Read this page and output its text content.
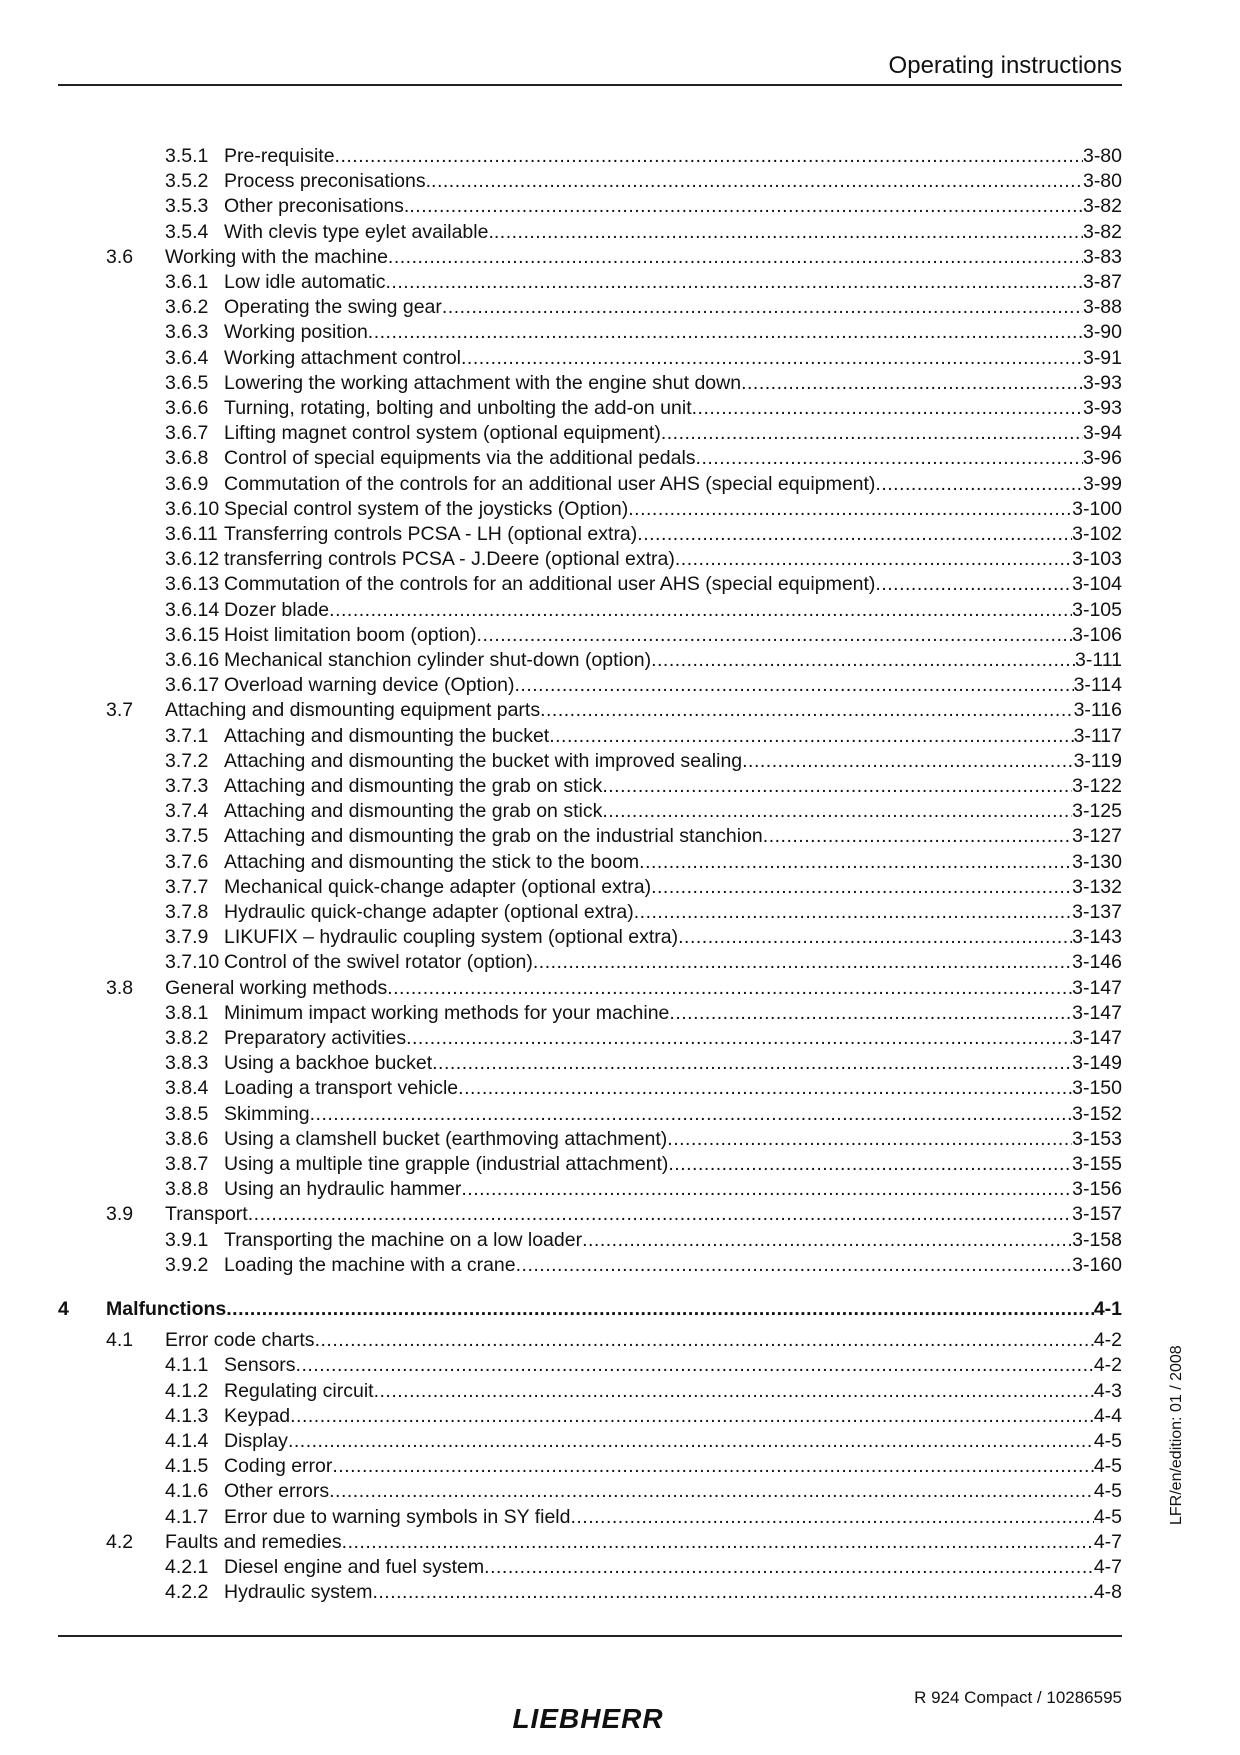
Operating instructions
3.5.1 Pre-requisite .....	3-80
3.5.2 Process preconisations. .....	3-80
3.5.3 Other preconisations. .....	3-82
3.5.4 With clevis type eylet available. .....	3-82
3.6 Working with the machine .....	3-83
3.6.1 Low idle automatic .....	3-87
3.6.2 Operating the swing gear .....	3-88
3.6.3 Working position .....	3-90
3.6.4 Working attachment control .....	3-91
3.6.5 Lowering the working attachment with the engine shut down .....	3-93
3.6.6 Turning, rotating, bolting and unbolting the add-on unit .....	3-93
3.6.7 Lifting magnet control system (optional equipment) .....	3-94
3.6.8 Control of special equipments via the additional pedals .....	3-96
3.6.9 Commutation of the controls for an additional user AHS (special equipment) .....	3-99
3.6.10 Special control system of the joysticks (Option) .....	3-100
3.6.11 Transferring controls PCSA - LH (optional extra) .....	3-102
3.6.12 transferring controls PCSA - J.Deere (optional extra) .....	3-103
3.6.13 Commutation of the controls for an additional user AHS (special equipment) .....	3-104
3.6.14 Dozer blade .....	3-105
3.6.15 Hoist limitation boom (option) .....	3-106
3.6.16 Mechanical stanchion cylinder shut-down (option) .....	3-111
3.6.17 Overload warning device (Option) .....	3-114
3.7 Attaching and dismounting equipment parts .....	3-116
3.7.1 Attaching and dismounting the bucket .....	3-117
3.7.2 Attaching and dismounting the bucket with improved sealing .....	3-119
3.7.3 Attaching and dismounting the grab on stick .....	3-122
3.7.4 Attaching and dismounting the grab on stick .....	3-125
3.7.5 Attaching and dismounting the grab on the industrial stanchion .....	3-127
3.7.6 Attaching and dismounting the stick to the boom .....	3-130
3.7.7 Mechanical quick-change adapter (optional extra) .....	3-132
3.7.8 Hydraulic quick-change adapter (optional extra) .....	3-137
3.7.9 LIKUFIX – hydraulic coupling system (optional extra) .....	3-143
3.7.10 Control of the swivel rotator (option) .....	3-146
3.8 General working methods .....	3-147
3.8.1 Minimum impact working methods for your machine .....	3-147
3.8.2 Preparatory activities .....	3-147
3.8.3 Using a backhoe bucket .....	3-149
3.8.4 Loading a transport vehicle .....	3-150
3.8.5 Skimming .....	3-152
3.8.6 Using a clamshell bucket (earthmoving attachment) .....	3-153
3.8.7 Using a multiple tine grapple (industrial attachment) .....	3-155
3.8.8 Using an hydraulic hammer .....	3-156
3.9 Transport .....	3-157
3.9.1 Transporting the machine on a low loader .....	3-158
3.9.2 Loading the machine with a crane .....	3-160
4 Malfunctions .....	4-1
4.1 Error code charts .....	4-2
4.1.1 Sensors .....	4-2
4.1.2 Regulating circuit .....	4-3
4.1.3 Keypad .....	4-4
4.1.4 Display .....	4-5
4.1.5 Coding error .....	4-5
4.1.6 Other errors .....	4-5
4.1.7 Error due to warning symbols in SY field .....	4-5
4.2 Faults and remedies .....	4-7
4.2.1 Diesel engine and fuel system .....	4-7
4.2.2 Hydraulic system .....	4-8
LFR/en/edition: 01 / 2008
R 924 Compact / 10286595
LIEBHERR
